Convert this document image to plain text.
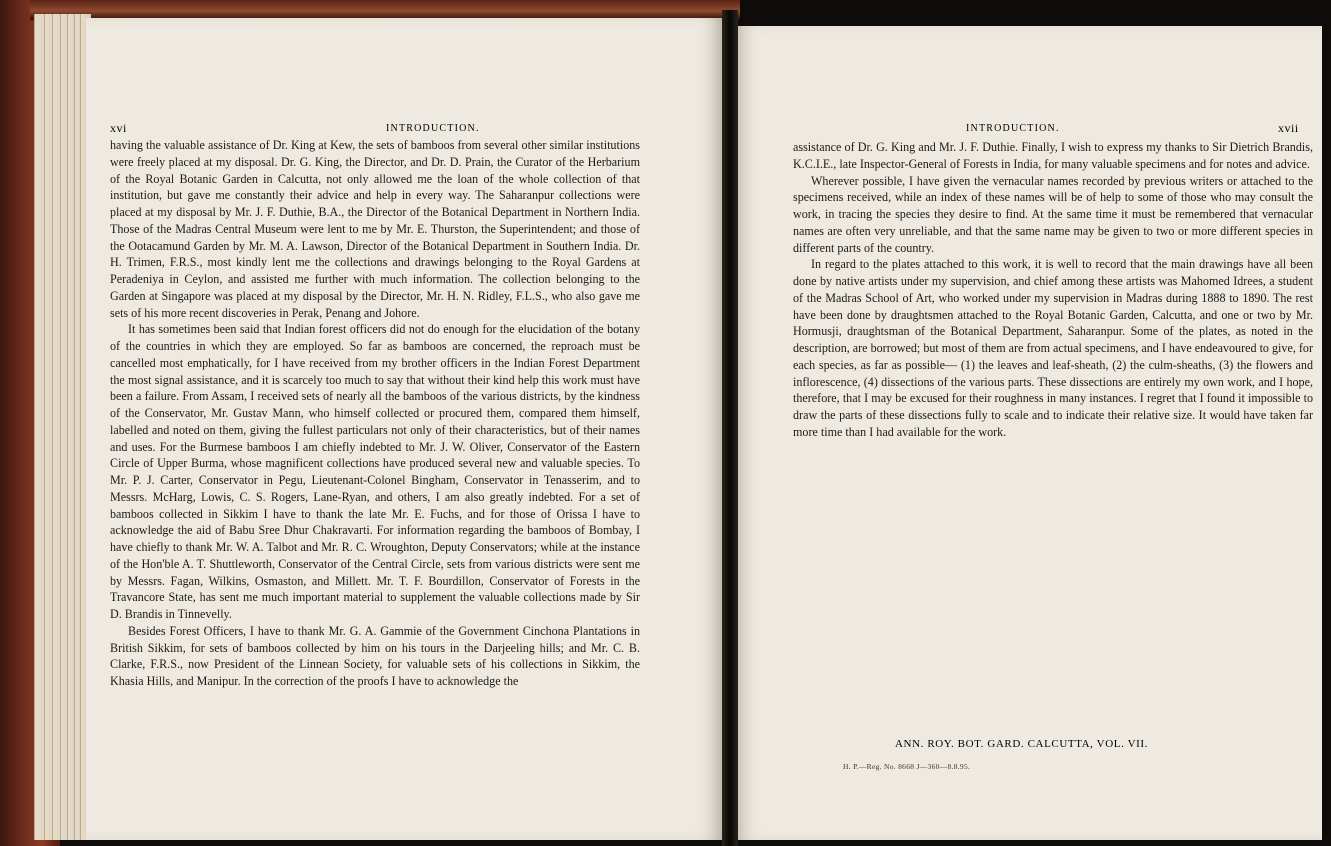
xvi	INTRODUCTION.

having the valuable assistance of Dr. King at Kew, the sets of bamboos from several other similar institutions were freely placed at my disposal. Dr. G. King, the Director, and Dr. D. Prain, the Curator of the Herbarium of the Royal Botanic Garden in Calcutta, not only allowed me the loan of the whole collection of that institution, but gave me constantly their advice and help in every way. The Saharanpur collections were placed at my disposal by Mr. J. F. Duthie, B.A., the Director of the Botanical Department in Northern India. Those of the Madras Central Museum were lent to me by Mr. E. Thurston, the Superintendent; and those of the Ootacamund Garden by Mr. M. A. Lawson, Director of the Botanical Department in Southern India. Dr. H. Trimen, F.R.S., most kindly lent me the collections and drawings belonging to the Royal Gardens at Peradeniya in Ceylon, and assisted me further with much information. The collection belonging to the Garden at Singapore was placed at my disposal by the Director, Mr. H. N. Ridley, F.L.S., who also gave me sets of his more recent discoveries in Perak, Penang and Johore.

It has sometimes been said that Indian forest officers did not do enough for the elucidation of the botany of the countries in which they are employed. So far as bamboos are concerned, the reproach must be cancelled most emphatically, for I have received from my brother officers in the Indian Forest Department the most signal assistance, and it is scarcely too much to say that without their kind help this work must have been a failure. From Assam, I received sets of nearly all the bamboos of the various districts, by the kindness of the Conservator, Mr. Gustav Mann, who himself collected or procured them, compared them himself, labelled and noted on them, giving the fullest particulars not only of their characteristics, but of their names and uses. For the Burmese bamboos I am chiefly indebted to Mr. J. W. Oliver, Conservator of the Eastern Circle of Upper Burma, whose magnificent collections have produced several new and valuable species. To Mr. P. J. Carter, Conservator in Pegu, Lieutenant-Colonel Bingham, Conservator in Tenasserim, and to Messrs. McHarg, Lowis, C. S. Rogers, Lane-Ryan, and others, I am also greatly indebted. For a set of bamboos collected in Sikkim I have to thank the late Mr. E. Fuchs, and for those of Orissa I have to acknowledge the aid of Babu Sree Dhur Chakravarti. For information regarding the bamboos of Bombay, I have chiefly to thank Mr. W. A. Talbot and Mr. R. C. Wroughton, Deputy Conservators; while at the instance of the Hon'ble A. T. Shuttleworth, Conservator of the Central Circle, sets from various districts were sent me by Messrs. Fagan, Wilkins, Osmaston, and Millett. Mr. T. F. Bourdillon, Conservator of Forests in the Travancore State, has sent me much important material to supplement the valuable collections made by Sir D. Brandis in Tinnevelly.

Besides Forest Officers, I have to thank Mr. G. A. Gammie of the Government Cinchona Plantations in British Sikkim, for sets of bamboos collected by him on his tours in the Darjeeling hills; and Mr. C. B. Clarke, F.R.S., now President of the Linnean Society, for valuable sets of his collections in Sikkim, the Khasia Hills, and Manipur. In the correction of the proofs I have to acknowledge the

INTRODUCTION.	xvii

assistance of Dr. G. King and Mr. J. F. Duthie. Finally, I wish to express my thanks to Sir Dietrich Brandis, K.C.I.E., late Inspector-General of Forests in India, for many valuable specimens and for notes and advice.

Wherever possible, I have given the vernacular names recorded by previous writers or attached to the specimens received, while an index of these names will be of help to some of those who may consult the work, in tracing the species they desire to find. At the same time it must be remembered that vernacular names are often very unreliable, and that the same name may be given to two or more different species in different parts of the country.

In regard to the plates attached to this work, it is well to record that the main drawings have all been done by native artists under my supervision, and chief among these artists was Mahomed Idrees, a student of the Madras School of Art, who worked under my supervision in Madras during 1888 to 1890. The rest have been done by draughtsmen attached to the Royal Botanic Garden, Calcutta, and one or two by Mr. Hormusji, draughtsman of the Botanical Department, Saharanpur. Some of the plates, as noted in the description, are borrowed; but most of them are from actual specimens, and I have endeavoured to give, for each species, as far as possible— (1) the leaves and leaf-sheath, (2) the culm-sheaths, (3) the flowers and inflorescence, (4) dissections of the various parts. These dissections are entirely my own work, and I hope, therefore, that I may be excused for their roughness in many instances. I regret that I found it impossible to draw the parts of these dissections fully to scale and to indicate their relative size. It would have taken far more time than I had available for the work.

ANN. ROY. BOT. GARD. CALCUTTA, VOL. VII.
H. P.—Reg. No. 8668 J—360—8.8.95.
